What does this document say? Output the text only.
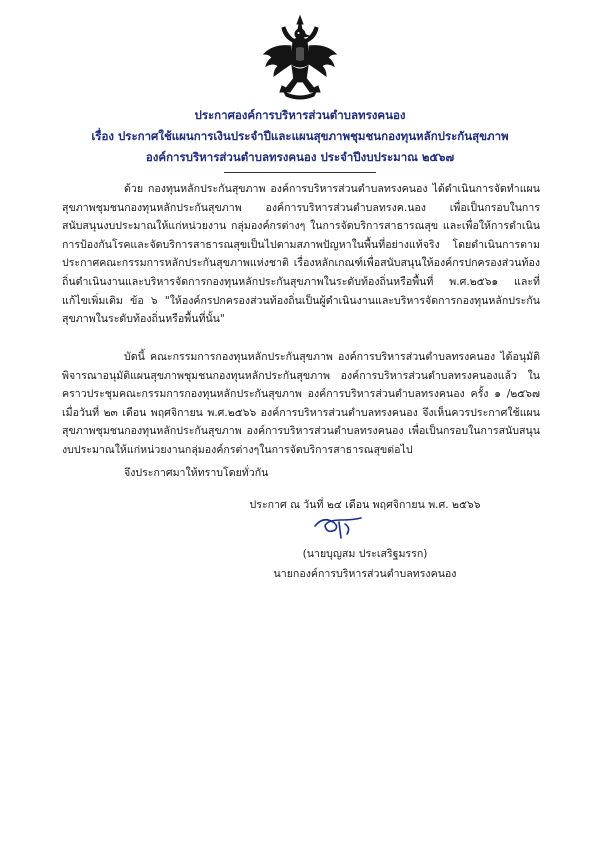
ประกาศองค์การบริหารส่วนตำบลทรงคนอง
เรื่อง ประกาศใช้แผนการเงินประจำปีและแผนสุขภาพชุมชนกองทุนหลักประกันสุขภาพ
องค์การบริหารส่วนตำบลทรงคนอง ประจำปีงบประมาณ ๒๕๖๗
ด้วย กองทุนหลักประกันสุขภาพ องค์การบริหารส่วนตำบลทรงคนอง ได้ดำเนินการจัดทำแผนสุขภาพชุมชนกองทุนหลักประกันสุขภาพ องค์การบริหารส่วนตำบลทรงค.นอง เพื่อเป็นกรอบในการสนับสนุนงบประมาณให้แก่หน่วยงาน กลุ่มองค์กรต่างๆ ในการจัดบริการสาธารณสุข และเพื่อให้การดำเนินการป้องกันโรคและจัดบริการสาธารณสุขเป็นไปตามสภาพปัญหาในพื้นที่อย่างแท้จริง โดยดำเนินการตามประกาศคณะกรรมการหลักประกันสุขภาพแห่งชาติ เรื่องหลักเกณฑ์เพื่อสนับสนุนให้องค์กรปกครองส่วนท้องถิ่นดำเนินงานและบริหารจัดการกองทุนหลักประกันสุขภาพในระดับท้องถิ่นหรือพื้นที่ พ.ศ.๒๕๖๑ และที่แก้ไขเพิ่มเติม ข้อ ๖ "ให้องค์กรปกครองส่วนท้องถิ่นเป็นผู้ดำเนินงานและบริหารจัดการกองทุนหลักประกันสุขภาพในระดับท้องถิ่นหรือพื้นที่นั้น"
บัดนี้ คณะกรรมการกองทุนหลักประกันสุขภาพ องค์การบริหารส่วนตำบลทรงคนอง ได้อนุมัติพิจารณาอนุมัติแผนสุขภาพชุมชนกองทุนหลักประกันสุขภาพ องค์การบริหารส่วนตำบลทรงคนองแล้ว ในคราวประชุมคณะกรรมการกองทุนหลักประกันสุขภาพ องค์การบริหารส่วนตำบลทรงคนอง ครั้ง ๑ /๒๕๖๗ เมื่อวันที่ ๒๓ เดือน พฤศจิกายน พ.ศ.๒๕๖๖ องค์การบริหารส่วนตำบลทรงคนอง จึงเห็นควรประกาศใช้แผนสุขภาพชุมชนกองทุนหลักประกันสุขภาพ องค์การบริหารส่วนตำบลทรงคนอง เพื่อเป็นกรอบในการสนับสนุนงบประมาณให้แก่หน่วยงานกลุ่มองค์กรต่างๆในการจัดบริการสาธารณสุขต่อไป
จึงประกาศมาให้ทราบโดยทั่วกัน
ประกาศ ณ วันที่ ๒๔ เดือน พฤศจิกายน พ.ศ. ๒๕๖๖
(นายบุญสม ประเสริฐมรรก)
นายกองค์การบริหารส่วนตำบลทรงคนอง
